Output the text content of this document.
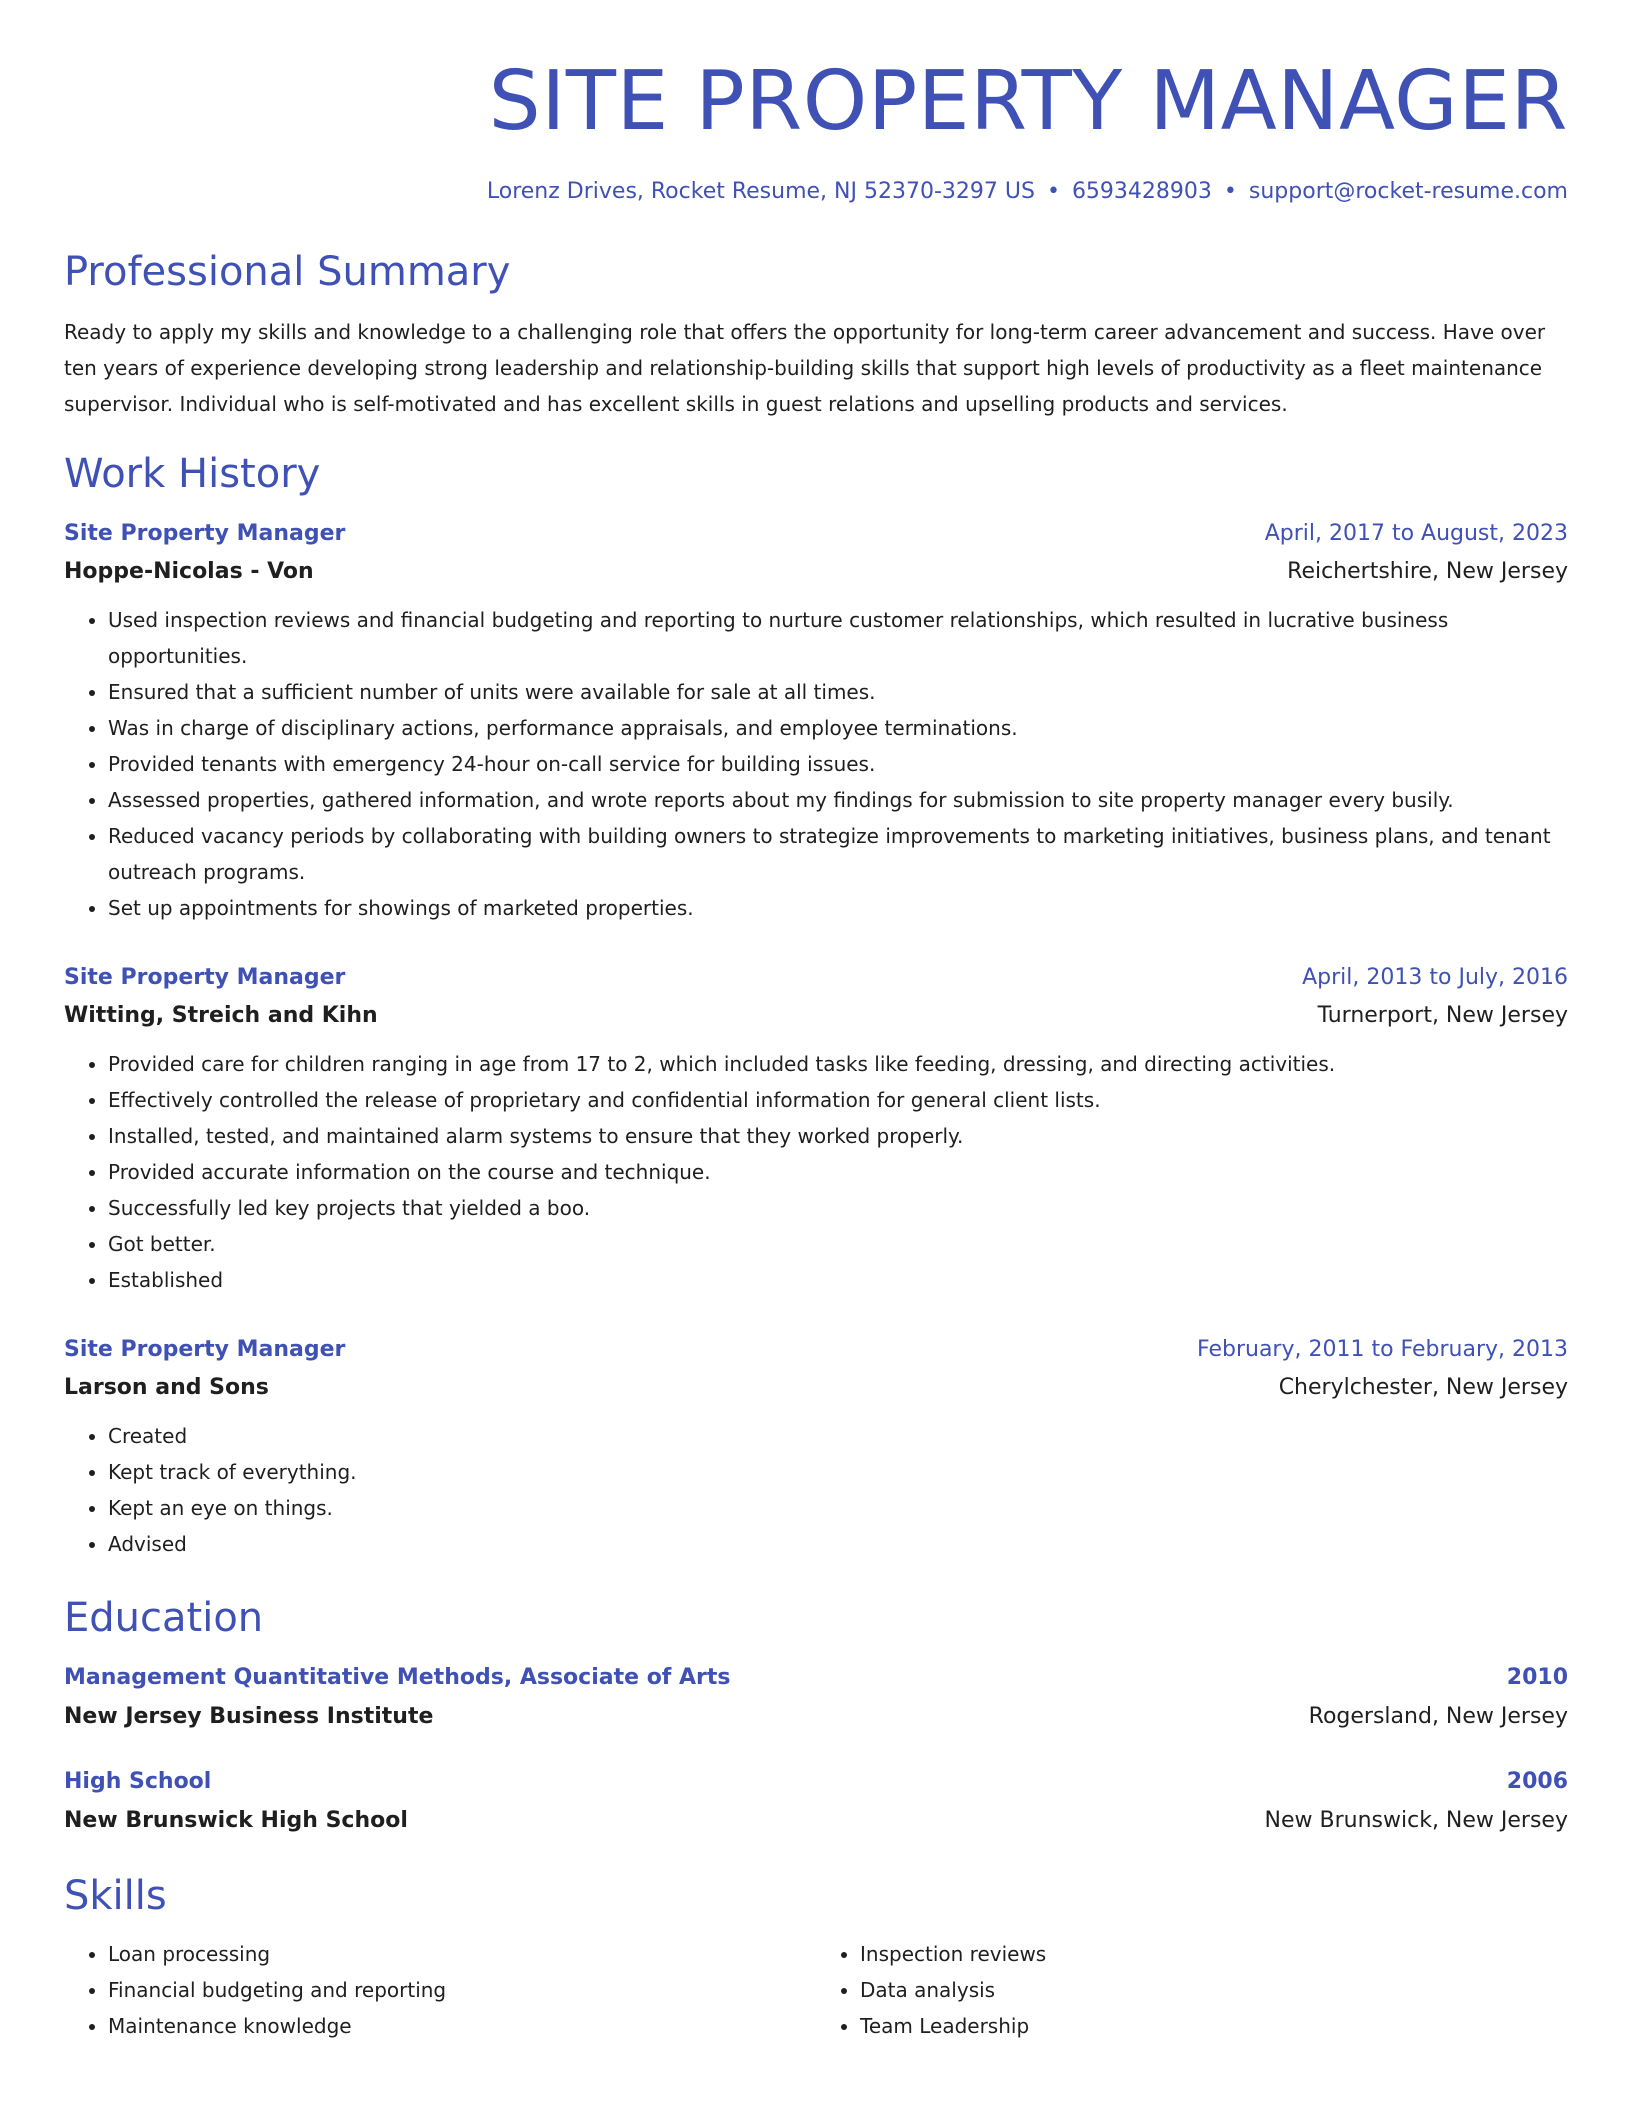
SITE PROPERTY MANAGER
Lorenz Drives, Rocket Resume, NJ 52370-3297 US • 6593428903 • support@rocket-resume.com
Professional Summary
Ready to apply my skills and knowledge to a challenging role that offers the opportunity for long-term career advancement and success. Have over ten years of experience developing strong leadership and relationship-building skills that support high levels of productivity as a fleet maintenance supervisor. Individual who is self-motivated and has excellent skills in guest relations and upselling products and services.
Work History
Site Property Manager	April, 2017 to August, 2023
Hoppe-Nicolas - Von	Reichertshire, New Jersey
• Used inspection reviews and financial budgeting and reporting to nurture customer relationships, which resulted in lucrative business opportunities.
• Ensured that a sufficient number of units were available for sale at all times.
• Was in charge of disciplinary actions, performance appraisals, and employee terminations.
• Provided tenants with emergency 24-hour on-call service for building issues.
• Assessed properties, gathered information, and wrote reports about my findings for submission to site property manager every busily.
• Reduced vacancy periods by collaborating with building owners to strategize improvements to marketing initiatives, business plans, and tenant outreach programs.
• Set up appointments for showings of marketed properties.
Site Property Manager	April, 2013 to July, 2016
Witting, Streich and Kihn	Turnerport, New Jersey
• Provided care for children ranging in age from 17 to 2, which included tasks like feeding, dressing, and directing activities.
• Effectively controlled the release of proprietary and confidential information for general client lists.
• Installed, tested, and maintained alarm systems to ensure that they worked properly.
• Provided accurate information on the course and technique.
• Successfully led key projects that yielded a boo.
• Got better.
• Established
Site Property Manager	February, 2011 to February, 2013
Larson and Sons	Cherylchester, New Jersey
• Created
• Kept track of everything.
• Kept an eye on things.
• Advised
Education
Management Quantitative Methods, Associate of Arts	2010
New Jersey Business Institute	Rogersland, New Jersey
High School	2006
New Brunswick High School	New Brunswick, New Jersey
Skills
• Loan processing
• Financial budgeting and reporting
• Maintenance knowledge
• Inspection reviews
• Data analysis
• Team Leadership
